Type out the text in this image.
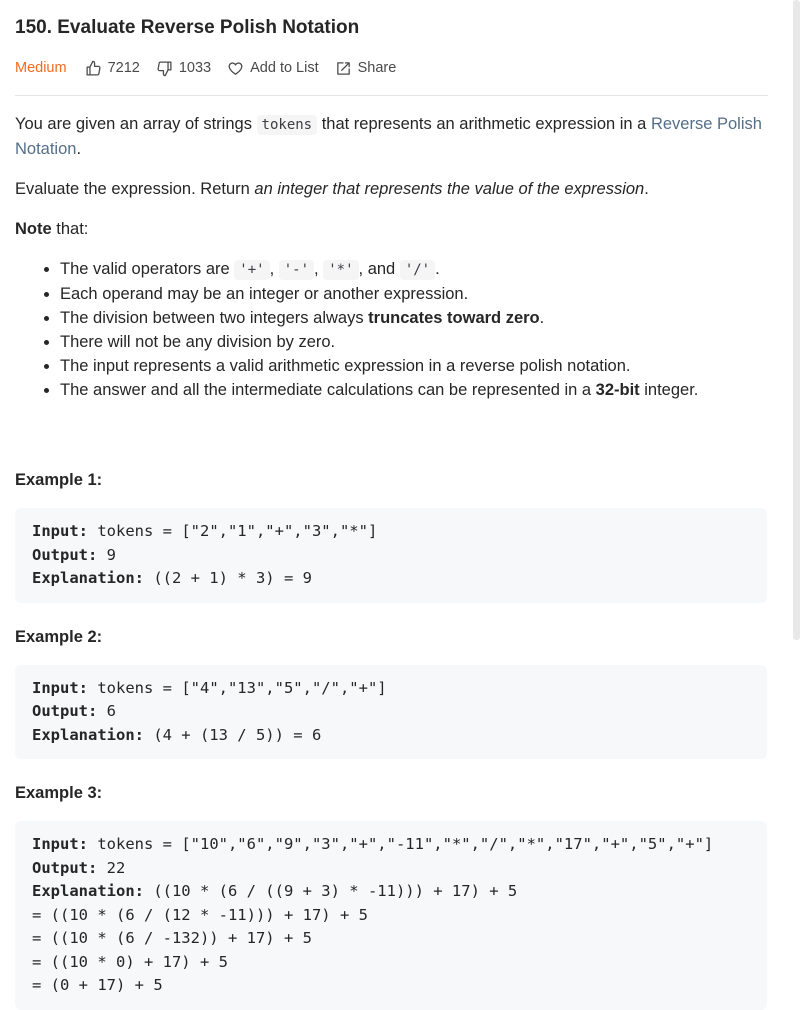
150. Evaluate Reverse Polish Notation
Medium	7212	1033	Add to List	Share

You are given an array of strings tokens that represents an arithmetic expression in a Reverse Polish Notation.

Evaluate the expression. Return an integer that represents the value of the expression.

Note that:

• The valid operators are '+' , '-' , '*' , and '/' .
• Each operand may be an integer or another expression.
• The division between two integers always truncates toward zero.
• There will not be any division by zero.
• The input represents a valid arithmetic expression in a reverse polish notation.
• The answer and all the intermediate calculations can be represented in a 32-bit integer.

Example 1:

Input: tokens = ["2","1","+","3","*"]
Output: 9
Explanation: ((2 + 1) * 3) = 9

Example 2:

Input: tokens = ["4","13","5","/","+"]
Output: 6
Explanation: (4 + (13 / 5)) = 6

Example 3:

Input: tokens = ["10","6","9","3","+","-11","*","/","*","17","+","5","+"]
Output: 22
Explanation: ((10 * (6 / ((9 + 3) * -11))) + 17) + 5
= ((10 * (6 / (12 * -11))) + 17) + 5
= ((10 * (6 / -132)) + 17) + 5
= ((10 * 0) + 17) + 5
= (0 + 17) + 5
